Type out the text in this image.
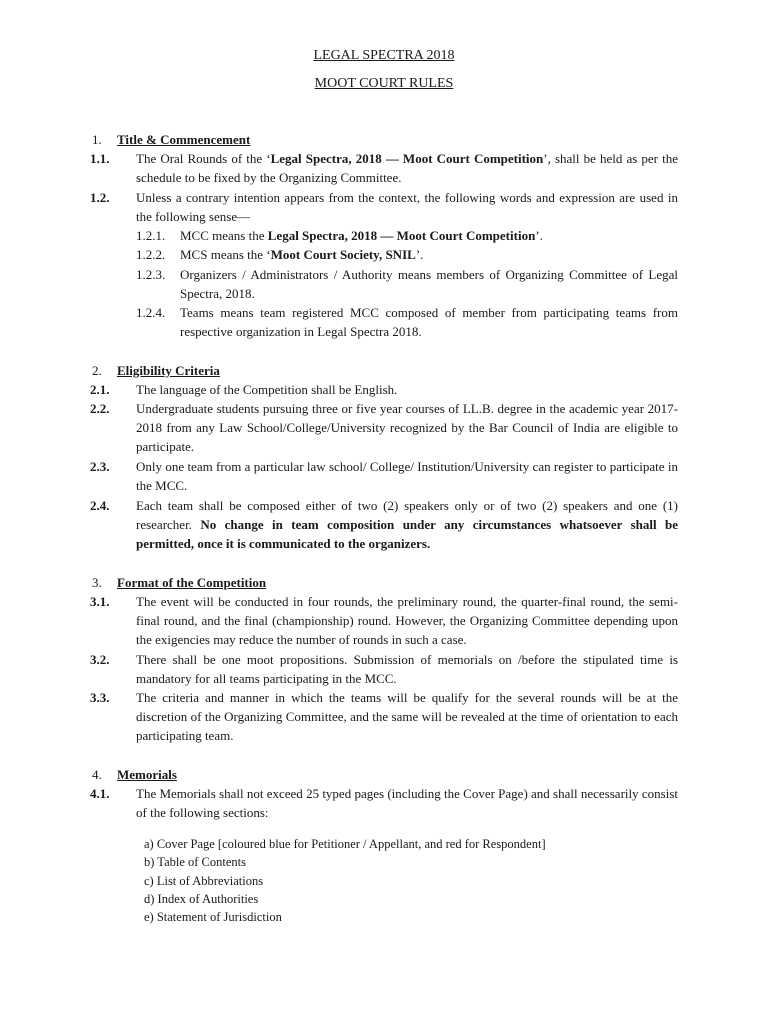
LEGAL SPECTRA 2018
MOOT COURT RULES
1. Title & Commencement
1.1.	The Oral Rounds of the ‘Legal Spectra, 2018 — Moot Court Competition’, shall be held as per the schedule to be fixed by the Organizing Committee.
1.2.	Unless a contrary intention appears from the context, the following words and expression are used in the following sense—
1.2.1.	MCC means the Legal Spectra, 2018 — Moot Court Competition’.
1.2.2.	MCS means the ‘Moot Court Society, SNIL’.
1.2.3.	Organizers / Administrators / Authority means members of Organizing Committee of Legal Spectra, 2018.
1.2.4.	Teams means team registered MCC composed of member from participating teams from respective organization in Legal Spectra 2018.
2. Eligibility Criteria
2.1.	The language of the Competition shall be English.
2.2.	Undergraduate students pursuing three or five year courses of LL.B. degree in the academic year 2017-2018 from any Law School/College/University recognized by the Bar Council of India are eligible to participate.
2.3.	Only one team from a particular law school/ College/ Institution/University can register to participate in the MCC.
2.4.	Each team shall be composed either of two (2) speakers only or of two (2) speakers and one (1) researcher. No change in team composition under any circumstances whatsoever shall be permitted, once it is communicated to the organizers.
3. Format of the Competition
3.1.	The event will be conducted in four rounds, the preliminary round, the quarter-final round, the semi-final round, and the final (championship) round. However, the Organizing Committee depending upon the exigencies may reduce the number of rounds in such a case.
3.2.	There shall be one moot propositions. Submission of memorials on /before the stipulated time is mandatory for all teams participating in the MCC.
3.3.	The criteria and manner in which the teams will be qualify for the several rounds will be at the discretion of the Organizing Committee, and the same will be revealed at the time of orientation to each participating team.
4. Memorials
4.1.	The Memorials shall not exceed 25 typed pages (including the Cover Page) and shall necessarily consist of the following sections:
a) Cover Page [coloured blue for Petitioner / Appellant, and red for Respondent]
b) Table of Contents
c) List of Abbreviations
d) Index of Authorities
e) Statement of Jurisdiction
